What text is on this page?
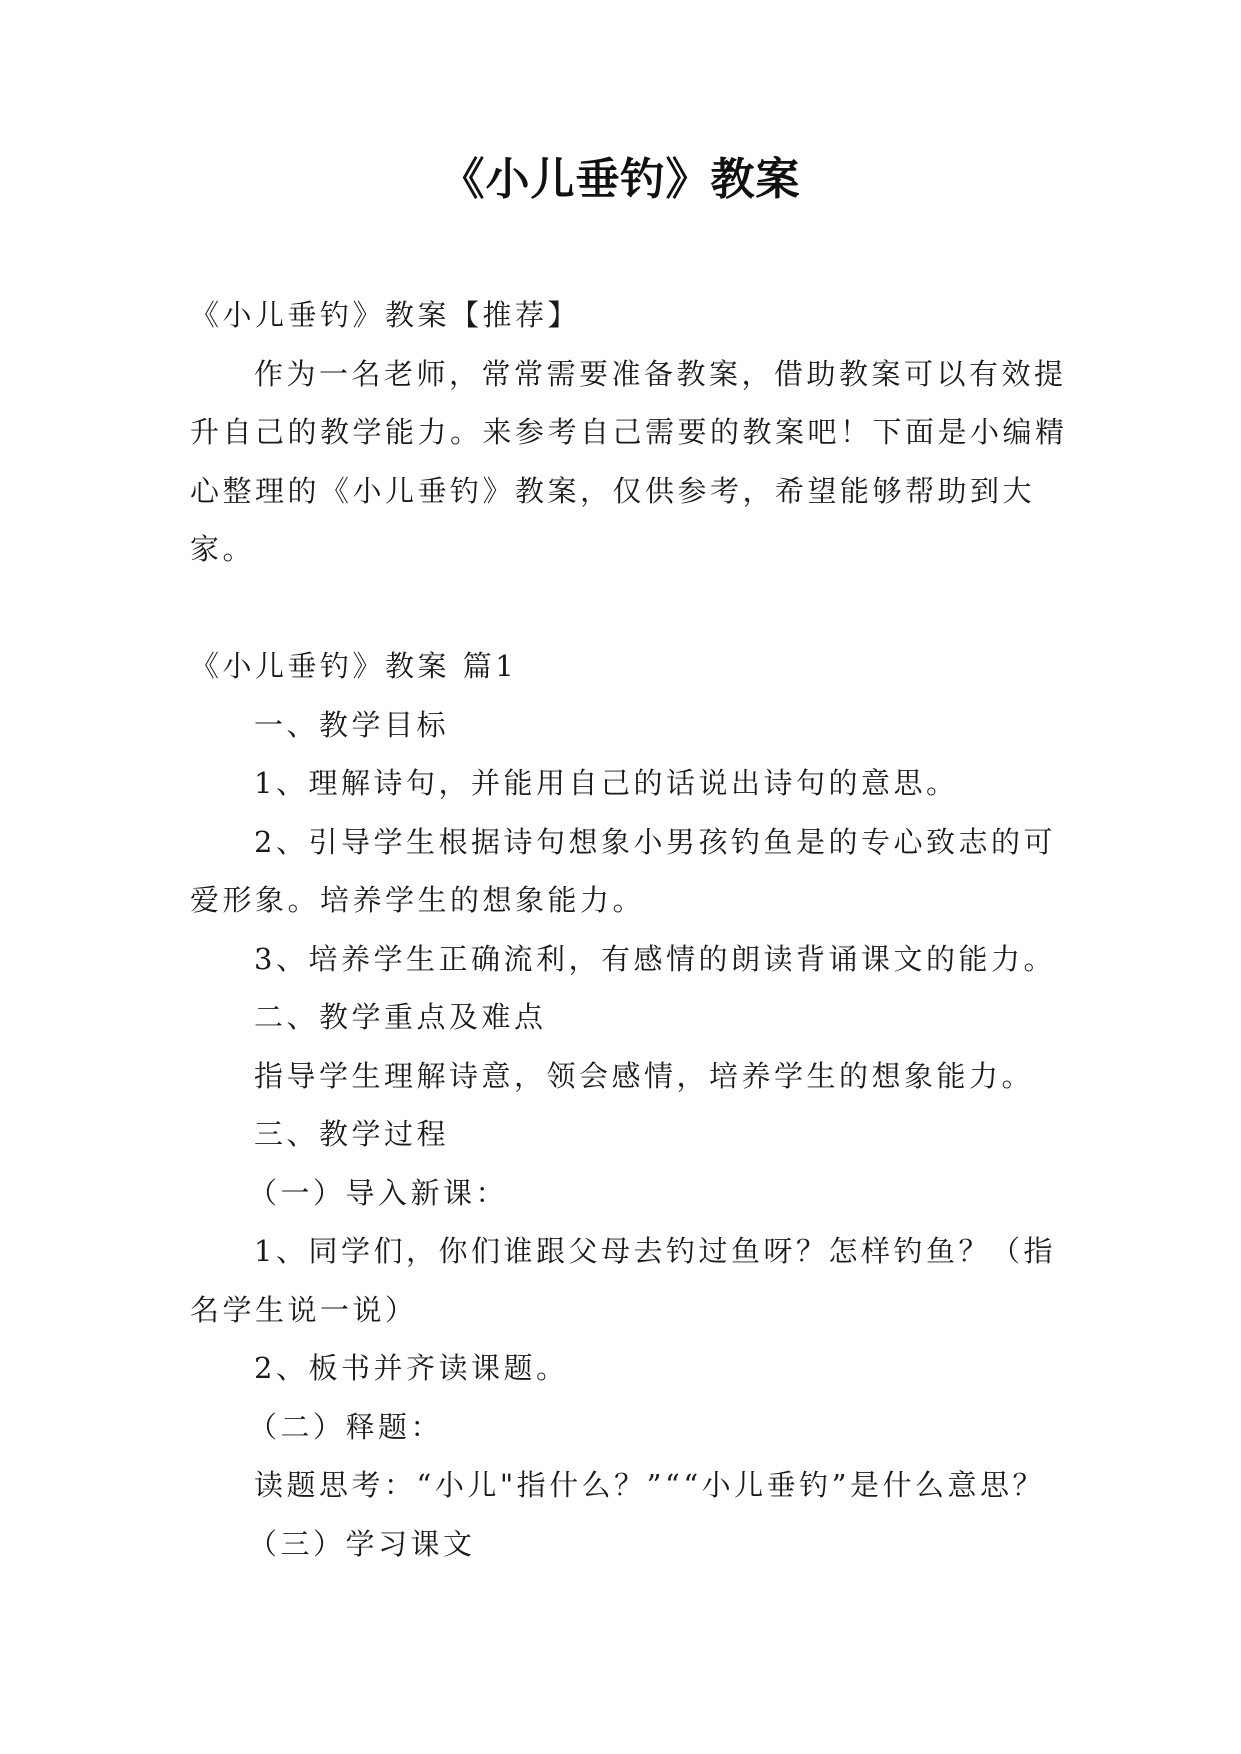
《小儿垂钓》教案

《小儿垂钓》教案【推荐】

作为一名老师，常常需要准备教案，借助教案可以有效提升自己的教学能力。来参考自己需要的教案吧！下面是小编精心整理的《小儿垂钓》教案，仅供参考，希望能够帮助到大家。

《小儿垂钓》教案 篇1

一、教学目标

1、理解诗句，并能用自己的话说出诗句的意思。

2、引导学生根据诗句想象小男孩钓鱼是的专心致志的可爱形象。培养学生的想象能力。

3、培养学生正确流利，有感情的朗读背诵课文的能力。

二、教学重点及难点

指导学生理解诗意，领会感情，培养学生的想象能力。

三、教学过程

（一）导入新课：

1、同学们，你们谁跟父母去钓过鱼呀？怎样钓鱼？（指名学生说一说）

2、板书并齐读课题。

（二）释题：

读题思考：“小儿"指什么？”““小儿垂钓”是什么意思？

（三）学习课文
